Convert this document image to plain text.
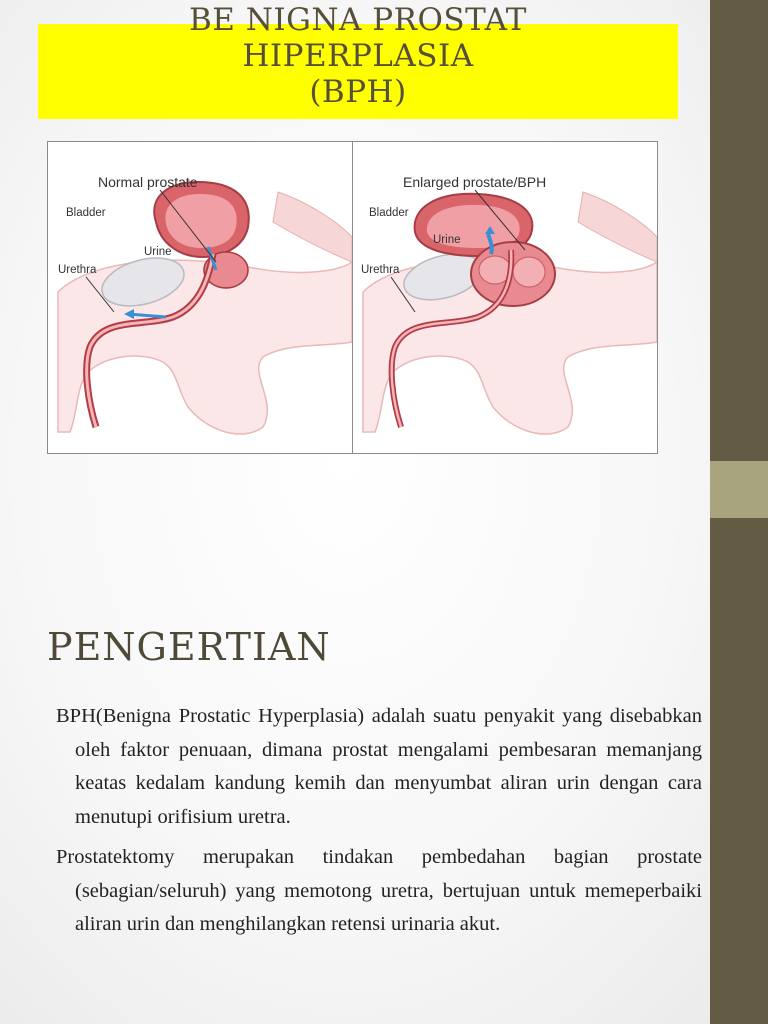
BE NIGNA PROSTAT
HIPERPLASIA
(BPH)
Normal prostate
Bladder
Urine
Urethra
Enlarged prostate/BPH
Bladder
Urine
Urethra
PENGERTIAN

BPH(Benigna Prostatic Hyperplasia) adalah suatu penyakit yang disebabkan oleh faktor penuaan, dimana prostat mengalami pembesaran memanjang keatas kedalam kandung kemih dan menyumbat aliran urin dengan cara menutupi orifisium uretra.

Prostatektomy merupakan tindakan pembedahan bagian prostate (sebagian/seluruh) yang memotong uretra, bertujuan untuk memeperbaiki aliran urin dan menghilangkan retensi urinaria akut.
